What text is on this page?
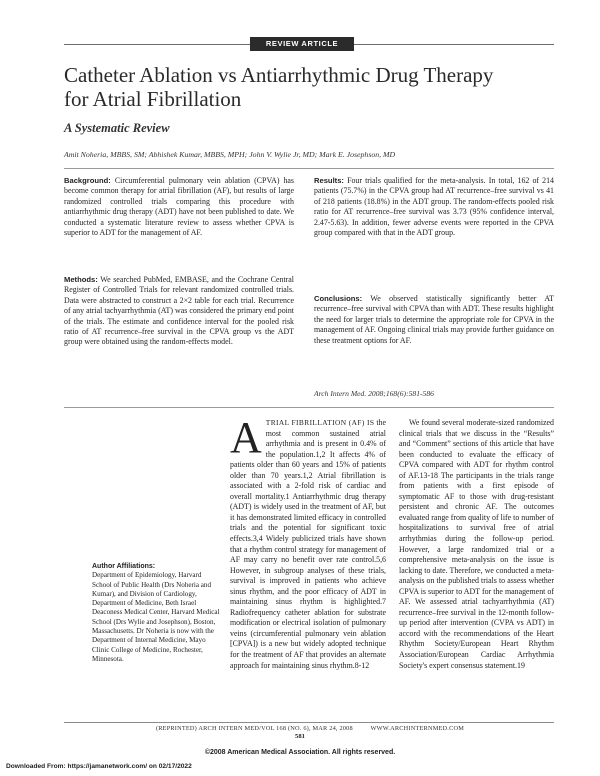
REVIEW ARTICLE
Catheter Ablation vs Antiarrhythmic Drug Therapy
for Atrial Fibrillation
A Systematic Review
Amit Noheria, MBBS, SM; Abhishek Kumar, MBBS, MPH; John V. Wylie Jr, MD; Mark E. Josephson, MD
Background: Circumferential pulmonary vein ablation (CPVA) has become common therapy for atrial fibrillation (AF), but results of large randomized controlled trials comparing this procedure with antiarrhythmic drug therapy (ADT) have not been published to date. We conducted a systematic literature review to assess whether CPVA is superior to ADT for the management of AF.
Methods: We searched PubMed, EMBASE, and the Cochrane Central Register of Controlled Trials for relevant randomized controlled trials. Data were abstracted to construct a 2×2 table for each trial. Recurrence of any atrial tachyarrhythmia (AT) was considered the primary end point of the trials. The estimate and confidence interval for the pooled risk ratio of AT recurrence–free survival in the CPVA group vs the ADT group were obtained using the random-effects model.
Results: Four trials qualified for the meta-analysis. In total, 162 of 214 patients (75.7%) in the CPVA group had AT recurrence–free survival vs 41 of 218 patients (18.8%) in the ADT group. The random-effects pooled risk ratio for AT recurrence–free survival was 3.73 (95% confidence interval, 2.47-5.63). In addition, fewer adverse events were reported in the CPVA group compared with that in the ADT group.
Conclusions: We observed statistically significantly better AT recurrence–free survival with CPVA than with ADT. These results highlight the need for larger trials to determine the appropriate role for CPVA in the management of AF. Ongoing clinical trials may provide further guidance on these treatment options for AF.
Arch Intern Med. 2008;168(6):581-586
ATRIAL FIBRILLATION (AF) IS the most common sustained atrial arrhythmia and is present in 0.4% of the population.1,2 It affects 4% of patients older than 60 years and 15% of patients older than 70 years.1,2 Atrial fibrillation is associated with a 2-fold risk of cardiac and overall mortality.1 Antiarrhythmic drug therapy (ADT) is widely used in the treatment of AF, but it has demonstrated limited efficacy in controlled trials and the potential for significant toxic effects.3,4 Widely publicized trials have shown that a rhythm control strategy for management of AF may carry no benefit over rate control.5,6 However, in subgroup analyses of these trials, survival is improved in patients who achieve sinus rhythm, and the poor efficacy of ADT in maintaining sinus rhythm is highlighted.7 Radiofrequency catheter ablation for substrate modification or electrical isolation of pulmonary veins (circumferential pulmonary vein ablation [CPVA]) is a new but widely adopted technique for the treatment of AF that provides an alternate approach for maintaining sinus rhythm.8-12
We found several moderate-sized randomized clinical trials that we discuss in the “Results” and “Comment” sections of this article that have been conducted to evaluate the efficacy of CPVA compared with ADT for rhythm control of AF.13-18 The participants in the trials range from patients with a first episode of symptomatic AF to those with drug-resistant persistent and chronic AF. The outcomes evaluated range from quality of life to number of hospitalizations to survival free of atrial arrhythmias during the follow-up period. However, a large randomized trial or a comprehensive meta-analysis on the issue is lacking to date. Therefore, we conducted a meta-analysis on the published trials to assess whether CPVA is superior to ADT for the management of AF. We assessed atrial tachyarrhythmia (AT) recurrence–free survival in the 12-month follow-up period after intervention (CVPA vs ADT) in accord with the recommendations of the Heart Rhythm Society/European Heart Rhythm Association/European Cardiac Arrhythmia Society's expert consensus statement.19
Author Affiliations:
Department of Epidemiology, Harvard School of Public Health (Drs Noheria and Kumar), and Division of Cardiology, Department of Medicine, Beth Israel Deaconess Medical Center, Harvard Medical School (Drs Wylie and Josephson), Boston, Massachusetts. Dr Noheria is now with the Department of Internal Medicine, Mayo Clinic College of Medicine, Rochester, Minnesota.
(REPRINTED) ARCH INTERN MED/VOL 168 (NO. 6), MAR 24, 2008          WWW.ARCHINTERNMED.COM
581
©2008 American Medical Association. All rights reserved.
Downloaded From: https://jamanetwork.com/ on 02/17/2022
